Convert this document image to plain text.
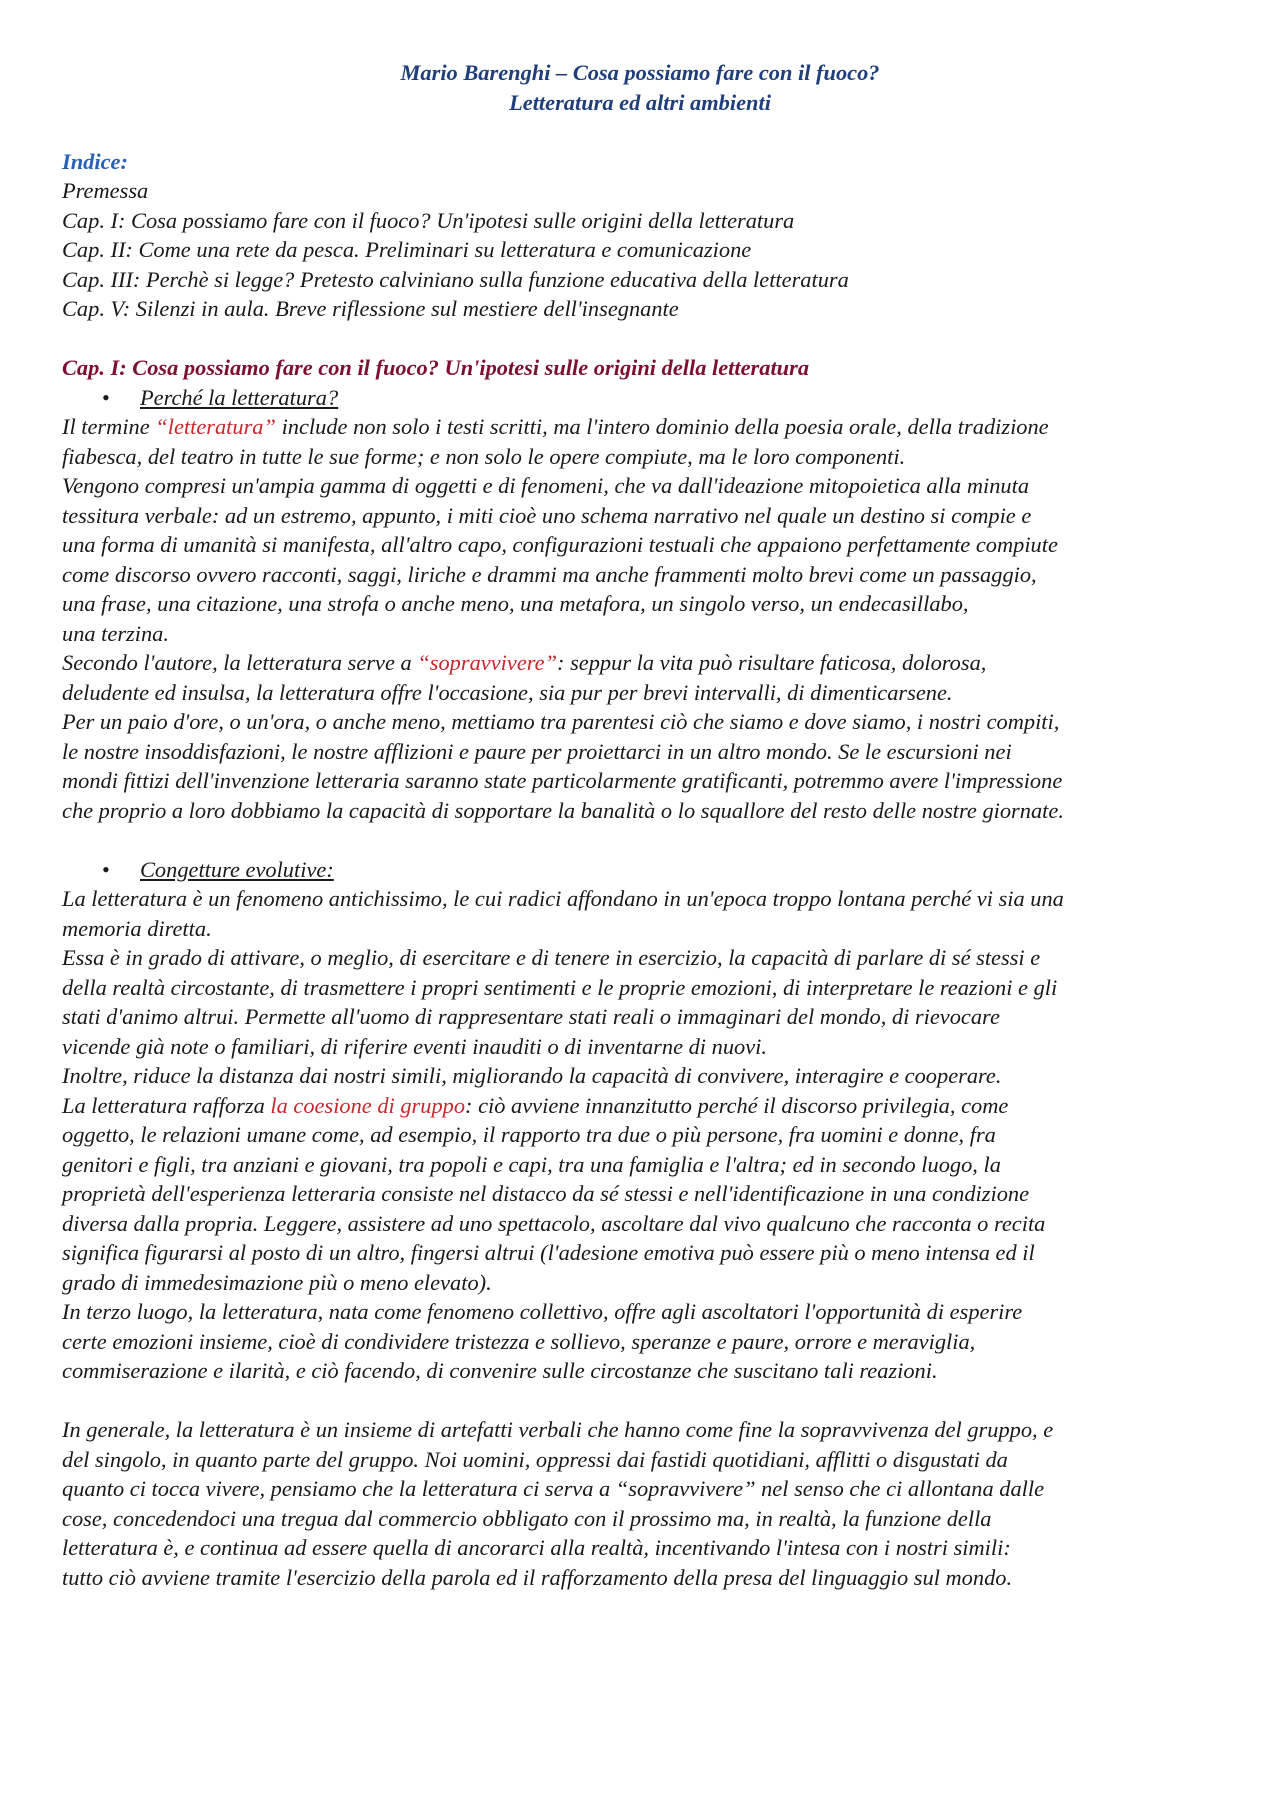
Mario Barenghi – Cosa possiamo fare con il fuoco?
Letteratura ed altri ambienti
Indice:
Premessa
Cap. I: Cosa possiamo fare con il fuoco? Un'ipotesi sulle origini della letteratura
Cap. II: Come una rete da pesca. Preliminari su letteratura e comunicazione
Cap. III: Perchè si legge? Pretesto calviniano sulla funzione educativa della letteratura
Cap. V: Silenzi in aula. Breve riflessione sul mestiere dell'insegnante
Cap. I: Cosa possiamo fare con il fuoco? Un'ipotesi sulle origini della letteratura
•	Perché la letteratura?
Il termine “letteratura” include non solo i testi scritti, ma l'intero dominio della poesia orale, della tradizione
fiabesca, del teatro in tutte le sue forme; e non solo le opere compiute, ma le loro componenti.
Vengono compresi un'ampia gamma di oggetti e di fenomeni, che va dall'ideazione mitopoietica alla minuta
tessitura verbale: ad un estremo, appunto, i miti cioè uno schema narrativo nel quale un destino si compie e
una forma di umanità si manifesta, all'altro capo, configurazioni testuali che appaiono perfettamente compiute
come discorso ovvero racconti, saggi, liriche e drammi ma anche frammenti molto brevi come un passaggio,
una frase, una citazione, una strofa o anche meno, una metafora, un singolo verso, un endecasillabo,
una terzina.
Secondo l'autore, la letteratura serve a “sopravvivere”: seppur la vita può risultare faticosa, dolorosa,
deludente ed insulsa, la letteratura offre l'occasione, sia pur per brevi intervalli, di dimenticarsene.
Per un paio d'ore, o un'ora, o anche meno, mettiamo tra parentesi ciò che siamo e dove siamo, i nostri compiti,
le nostre insoddisfazioni, le nostre afflizioni e paure per proiettarci in un altro mondo. Se le escursioni nei
mondi fittizi dell'invenzione letteraria saranno state particolarmente gratificanti, potremmo avere l'impressione
che proprio a loro dobbiamo la capacità di sopportare la banalità o lo squallore del resto delle nostre giornate.
•	Congetture evolutive:
La letteratura è un fenomeno antichissimo, le cui radici affondano in un'epoca troppo lontana perché vi sia una
memoria diretta.
Essa è in grado di attivare, o meglio, di esercitare e di tenere in esercizio, la capacità di parlare di sé stessi e
della realtà circostante, di trasmettere i propri sentimenti e le proprie emozioni, di interpretare le reazioni e gli
stati d'animo altrui. Permette all'uomo di rappresentare stati reali o immaginari del mondo, di rievocare
vicende già note o familiari, di riferire eventi inauditi o di inventarne di nuovi.
Inoltre, riduce la distanza dai nostri simili, migliorando la capacità di convivere, interagire e cooperare.
La letteratura rafforza la coesione di gruppo: ciò avviene innanzitutto perché il discorso privilegia, come
oggetto, le relazioni umane come, ad esempio, il rapporto tra due o più persone, fra uomini e donne, fra
genitori e figli, tra anziani e giovani, tra popoli e capi, tra una famiglia e l'altra; ed in secondo luogo, la
proprietà dell'esperienza letteraria consiste nel distacco da sé stessi e nell'identificazione in una condizione
diversa dalla propria. Leggere, assistere ad uno spettacolo, ascoltare dal vivo qualcuno che racconta o recita
significa figurarsi al posto di un altro, fingersi altrui (l'adesione emotiva può essere più o meno intensa ed il
grado di immedesimazione più o meno elevato).
In terzo luogo, la letteratura, nata come fenomeno collettivo, offre agli ascoltatori l'opportunità di esperire
certe emozioni insieme, cioè di condividere tristezza e sollievo, speranze e paure, orrore e meraviglia,
commiserazione e ilarità, e ciò facendo, di convenire sulle circostanze che suscitano tali reazioni.
In generale, la letteratura è un insieme di artefatti verbali che hanno come fine la sopravvivenza del gruppo, e
del singolo, in quanto parte del gruppo. Noi uomini, oppressi dai fastidi quotidiani, afflitti o disgustati da
quanto ci tocca vivere, pensiamo che la letteratura ci serva a “sopravvivere” nel senso che ci allontana dalle
cose, concedendoci una tregua dal commercio obbligato con il prossimo ma, in realtà, la funzione della
letteratura è, e continua ad essere quella di ancorarci alla realtà, incentivando l'intesa con i nostri simili:
tutto ciò avviene tramite l'esercizio della parola ed il rafforzamento della presa del linguaggio sul mondo.
